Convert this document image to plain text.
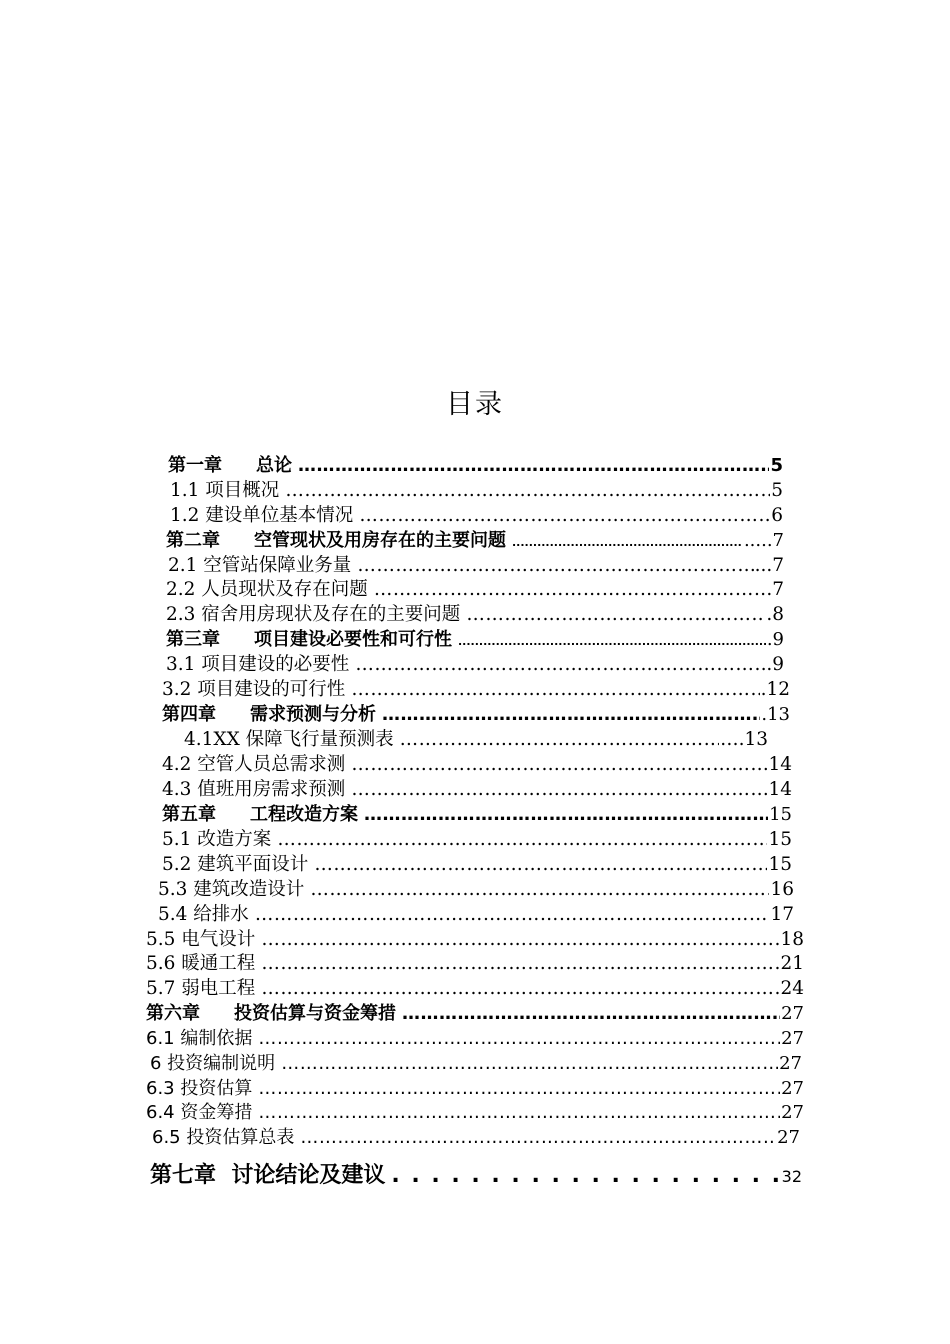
目录
第一章 总论 …………………………………………………………………………………………………………………………………………………………………………………………	5
1.1 项目概况 …………………………………………………………………………………………………………………………………………………………………………………………	5
1.2 建设单位基本情况 …………………………………………………………………………………………………………………………………………………………………………………………	6
第二章 空管现状及用房存在的主要问题 .....	.....7
2.1 空管站保障业务量 …………………………………………………………………………………………………………………………………………………………………………………………	...7
2.2 人员现状及存在问题 …………………………………………………………………………………………………………………………………………………………………………………………	.7
2.3 宿舍用房现状及存在的主要问题 …………………………………………………………………………………………………………………………………………………………………………………………	.8
第三章 项目建设必要性和可行性 .....	.9
3.1 项目建设的必要性 …………………………………………………………………………………………………………………………………………………………………………………………	.9
3.2 项目建设的可行性 …………………………………………………………………………………………………………………………………………………………………………………………	.12
第四章 需求预测与分析 …………………………………………………………………………………………………………………………………………………………………………………………	.13
4.1XX 保障飞行量预测表 …………………………………………………………………………………………………………………………………………………………………………………………	….13
4.2 空管人员总需求测 …………………………………………………………………………………………………………………………………………………………………………………………	14
4.3 值班用房需求预测 …………………………………………………………………………………………………………………………………………………………………………………………	14
第五章 工程改造方案 …………………………………………………………………………………………………………………………………………………………………………………………	15
5.1 改造方案 …………………………………………………………………………………………………………………………………………………………………………………………	15
5.2 建筑平面设计 …………………………………………………………………………………………………………………………………………………………………………………………	15
5.3 建筑改造设计 …………………………………………………………………………………………………………………………………………………………………………………………	16
5.4 给排水 …………………………………………………………………………………………………………………………………………………………………………………………	17
5.5 电气设计 …………………………………………………………………………………………………………………………………………………………………………………………	18
5.6 暖通工程 …………………………………………………………………………………………………………………………………………………………………………………………	21
5.7 弱电工程 …………………………………………………………………………………………………………………………………………………………………………………………	24
第六章 投资估算与资金筹措 …………………………………………………………………………………………………………………………………………………………………………………………	27
6.1 编制依据 …………………………………………………………………………………………………………………………………………………………………………………………	27
6 投资编制说明 …………………………………………………………………………………………………………………………………………………………………………………………	27
6.3 投资估算 …………………………………………………………………………………………………………………………………………………………………………………………	27
6.4 资金筹措 …………………………………………………………………………………………………………………………………………………………………………………………	27
6.5 投资估算总表 …………………………………………………………………………………………………………………………………………………………………………………………	27
第七章  讨论结论及建议 . . .	32
